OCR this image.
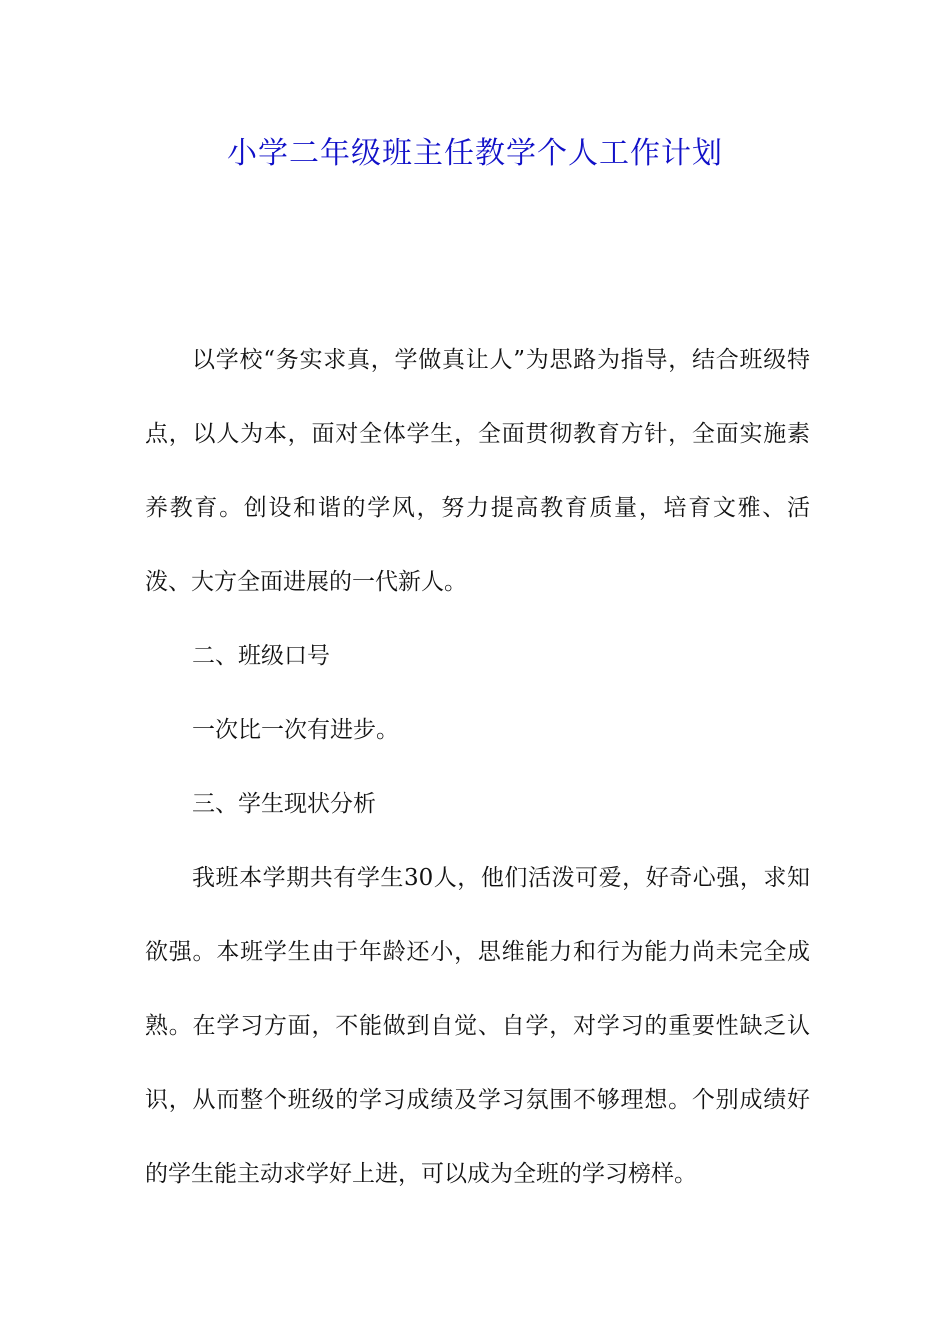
小学二年级班主任教学个人工作计划

以学校“务实求真，学做真让人”为思路为指导，结合班级特点，以人为本，面对全体学生，全面贯彻教育方针，全面实施素养教育。创设和谐的学风，努力提高教育质量，培育文雅、活泼、大方全面进展的一代新人。

二、班级口号

一次比一次有进步。

三、学生现状分析

我班本学期共有学生30人，他们活泼可爱，好奇心强，求知欲强。本班学生由于年龄还小，思维能力和行为能力尚未完全成熟。在学习方面，不能做到自觉、自学，对学习的重要性缺乏认识，从而整个班级的学习成绩及学习氛围不够理想。个别成绩好的学生能主动求学好上进，可以成为全班的学习榜样。
